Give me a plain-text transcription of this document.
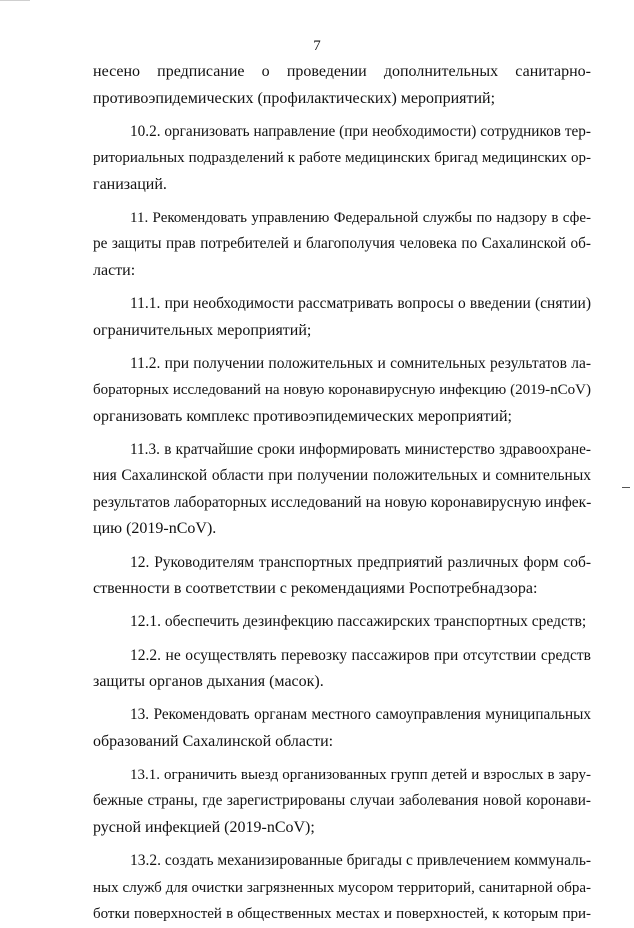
7
несено предписание о проведении дополнительных санитарно-
противоэпидемических (профилактических) мероприятий;
10.2. организовать направление (при необходимости) сотрудников тер-
риториальных подразделений к работе медицинских бригад медицинских ор-
ганизаций.
11. Рекомендовать управлению Федеральной службы по надзору в сфе-
ре защиты прав потребителей и благополучия человека по Сахалинской об-
ласти:
11.1. при необходимости рассматривать вопросы о введении (снятии)
ограничительных мероприятий;
11.2. при получении положительных и сомнительных результатов ла-
бораторных исследований на новую коронавирусную инфекцию (2019-nCoV)
организовать комплекс противоэпидемических мероприятий;
11.3. в кратчайшие сроки информировать министерство здравоохране-
ния Сахалинской области при получении положительных и сомнительных
результатов лабораторных исследований на новую коронавирусную инфек-
цию (2019-nCoV).
12. Руководителям транспортных предприятий различных форм соб-
ственности в соответствии с рекомендациями Роспотребнадзора:
12.1. обеспечить дезинфекцию пассажирских транспортных средств;
12.2. не осуществлять перевозку пассажиров при отсутствии средств
защиты органов дыхания (масок).
13. Рекомендовать органам местного самоуправления муниципальных
образований Сахалинской области:
13.1. ограничить выезд организованных групп детей и взрослых в зару-
бежные страны, где зарегистрированы случаи заболевания новой коронави-
русной инфекцией (2019-nCoV);
13.2. создать механизированные бригады с привлечением коммуналь-
ных служб для очистки загрязненных мусором территорий, санитарной обра-
ботки поверхностей в общественных местах и поверхностей, к которым при-
